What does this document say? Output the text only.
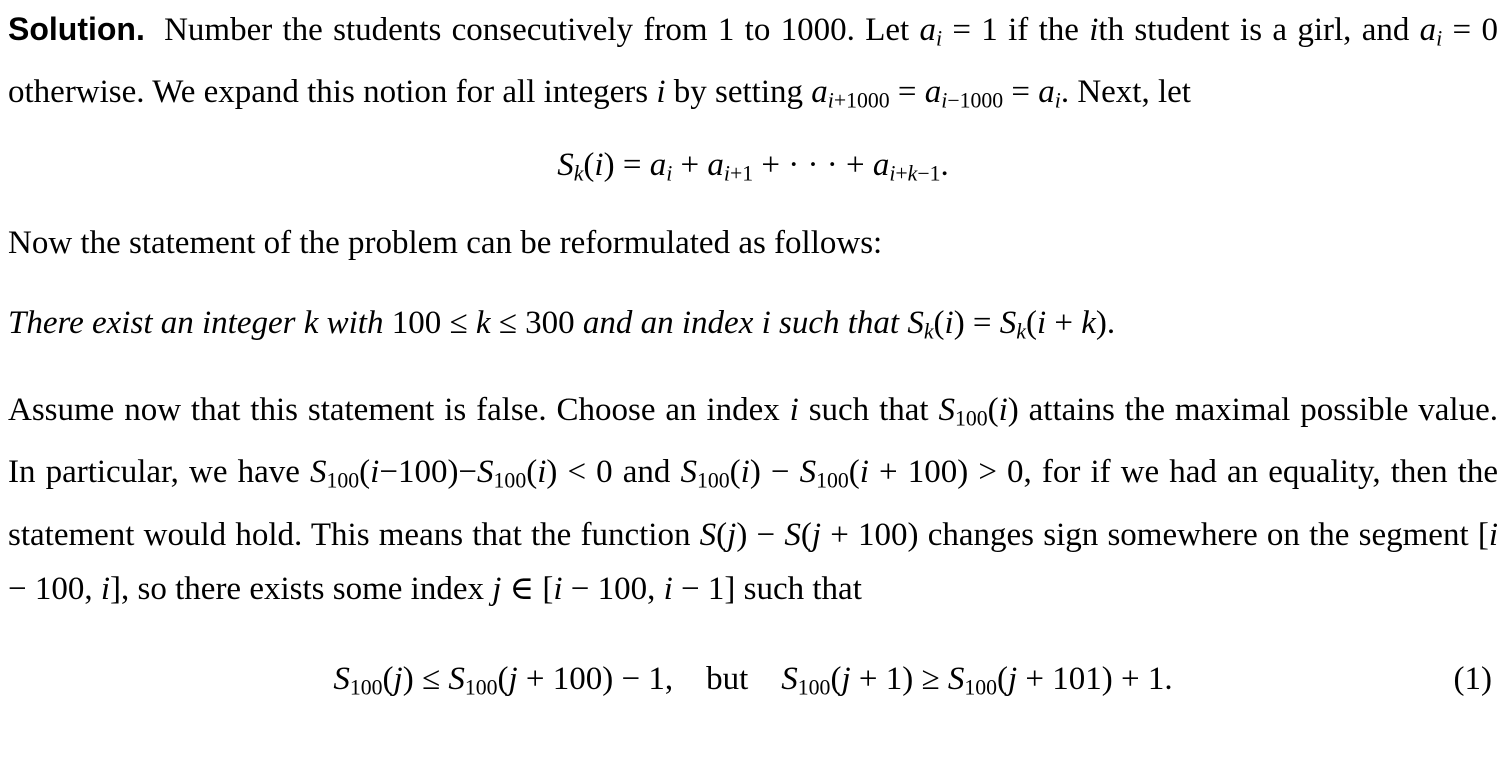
Solution. Number the students consecutively from 1 to 1000. Let ai = 1 if the ith student is a girl, and ai = 0 otherwise. We expand this notion for all integers i by setting $ai_{+1000} = ai_{-1000}$ = ai. Next, let

Sk(i) = ai + $ai_{+1}$ + · · · + $ai_+k_{-1}$.

Now the statement of the problem can be reformulated as follows:

There exist an integer k with 100 ≤ k ≤ 300 and an index i such that Sk(i) = Sk(i + k).

Assume now that this statement is false. Choose an index i such that $S_{100}(i)$ attains the maximal possible value. In particular, we have $S_{100}(i-100)-S_{100}(i) < 0$ and $S_{100}(i) - S_{100}(i + 100) > 0$, for if we had an equality, then the statement would hold. This means that the function S(j) − S(j + 100) changes sign somewhere on the segment [i − 100, i], so there exists some index j ∈ [i − 100, i − 1] such that

$S_{100}(j) \le S_{100}(j + 100) - 1$, but $S_{100}(j + 1) \ge S_{100}(j + 101) + 1$.	(1)
